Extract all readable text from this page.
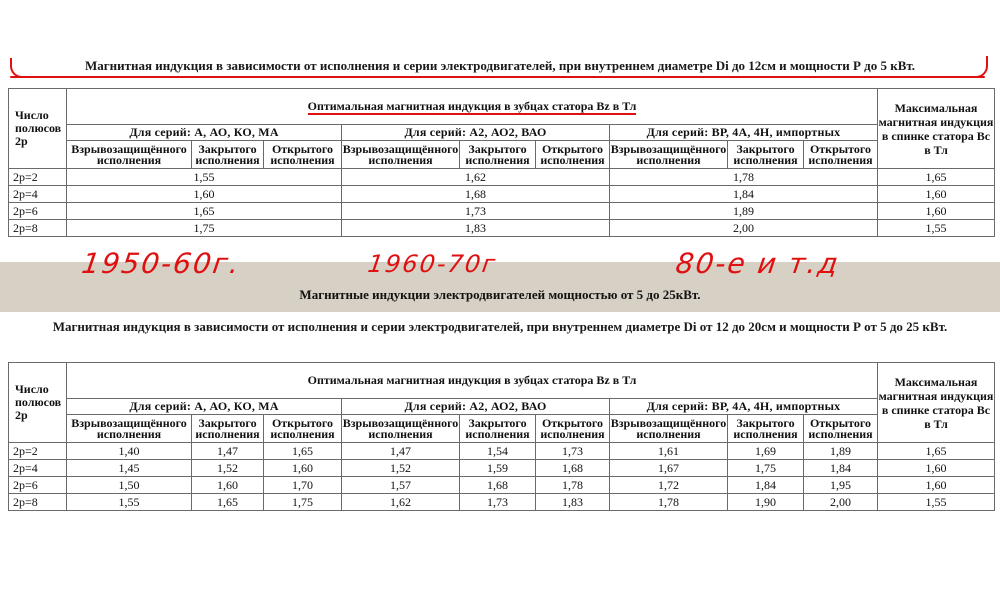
Магнитная индукция в зависимости от исполнения и серии электродвигателей, при внутреннем диаметре Di до 12см и мощности Р до 5 кВт.
Число полюсов 2р	Оптимальная магнитная индукция в зубцах статора Bz в Тл									Максимальная магнитная индукция в спинке статора Вс в Тл
	Для серий: А, АО, КО, МА			Для серий: А2, АО2, ВАО			Для серий: ВР, 4А, 4Н, импортных			
	Взрывозащищённого исполнения	Закрытого исполнения	Открытого исполнения	Взрывозащищённого исполнения	Закрытого исполнения	Открытого исполнения	Взрывозащищённого исполнения	Закрытого исполнения	Открытого исполнения	
2р=2	1,55			1,62			1,78			1,65
2р=4	1,60			1,68			1,84			1,60
2р=6	1,65			1,73			1,89			1,60
2р=8	1,75			1,83			2,00			1,55
1950-60г.	1960-70г	80-е и т.д
Магнитные индукции электродвигателей мощностью от 5 до 25кВт.
Магнитная индукция в зависимости от исполнения и серии электродвигателей, при внутреннем диаметре Di от 12 до 20см и мощности Р от 5 до 25 кВт.
Число полюсов 2р	Оптимальная магнитная индукция в зубцах статора Bz в Тл									Максимальная магнитная индукция в спинке статора Вс в Тл
	Для серий: А, АО, КО, МА			Для серий: А2, АО2, ВАО			Для серий: ВР, 4А, 4Н, импортных			
	Взрывозащищённого исполнения	Закрытого исполнения	Открытого исполнения	Взрывозащищённого исполнения	Закрытого исполнения	Открытого исполнения	Взрывозащищённого исполнения	Закрытого исполнения	Открытого исполнения	
2р=2	1,40	1,47	1,65	1,47	1,54	1,73	1,61	1,69	1,89	1,65
2р=4	1,45	1,52	1,60	1,52	1,59	1,68	1,67	1,75	1,84	1,60
2р=6	1,50	1,60	1,70	1,57	1,68	1,78	1,72	1,84	1,95	1,60
2р=8	1,55	1,65	1,75	1,62	1,73	1,83	1,78	1,90	2,00	1,55
